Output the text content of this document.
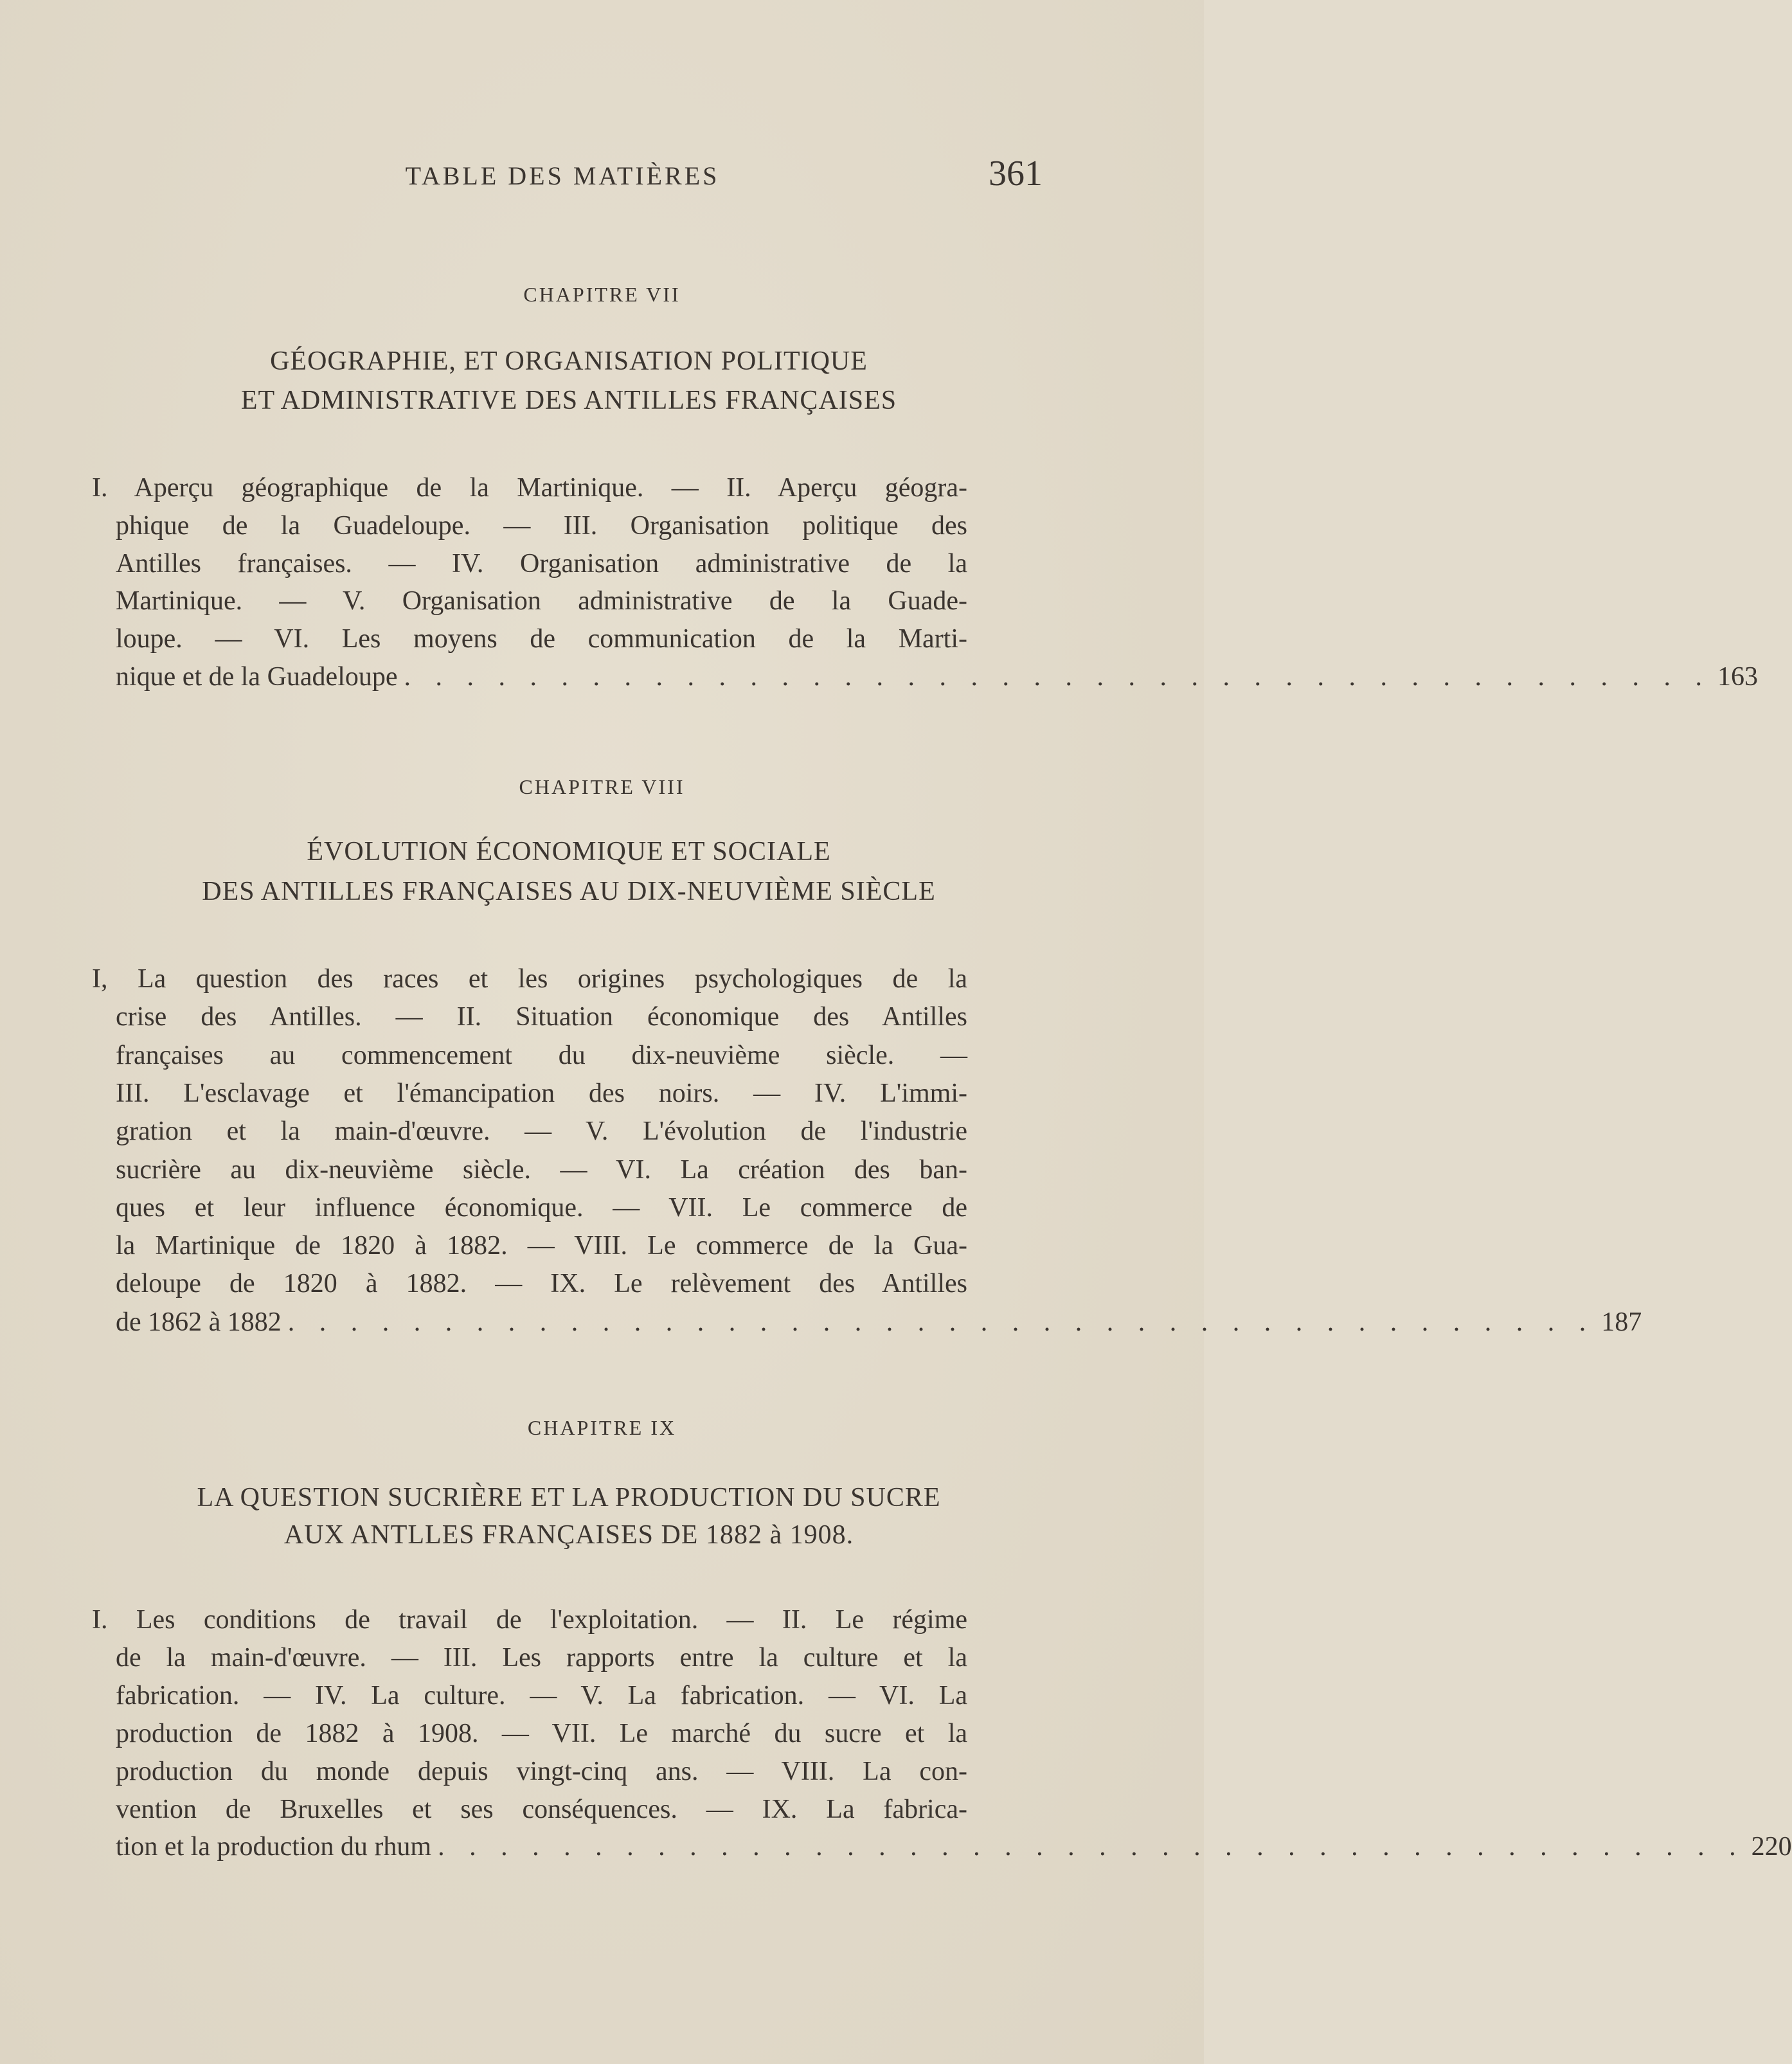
TABLE DES MATIÈRES	361
CHAPITRE VII
GÉOGRAPHIE, ET ORGANISATION POLITIQUE
ET ADMINISTRATIVE DES ANTILLES FRANÇAISES
I. Aperçu géographique de la Martinique. — II. Aperçu géogra-
phique de la Guadeloupe. — III. Organisation politique des
Antilles françaises. — IV. Organisation administrative de la
Martinique. — V. Organisation administrative de la Guade-
loupe. — VI. Les moyens de communication de la Marti-
nique et de la Guadeloupe . . . . . . . . . . . . . . . . . . . . . . . . . . . . . . . . . . . . . . . . . . 163
CHAPITRE VIII
ÉVOLUTION ÉCONOMIQUE ET SOCIALE
DES ANTILLES FRANÇAISES AU DIX-NEUVIÈME SIÈCLE
I, La question des races et les origines psychologiques de la
crise des Antilles. — II. Situation économique des Antilles
françaises au commencement du dix-neuvième siècle. —
III. L'esclavage et l'émancipation des noirs. — IV. L'immi-
gration et la main-d'œuvre. — V. L'évolution de l'industrie
sucrière au dix-neuvième siècle. — VI. La création des ban-
ques et leur influence économique. — VII. Le commerce de
la Martinique de 1820 à 1882. — VIII. Le commerce de la Gua-
deloupe de 1820 à 1882. — IX. Le relèvement des Antilles
de 1862 à 1882 . . . . . . . . . . . . . . . . . . . . . . . . . . . . . . . . . . . . . . . . . . 187
CHAPITRE IX
LA QUESTION SUCRIÈRE ET LA PRODUCTION DU SUCRE
AUX ANTLLES FRANÇAISES DE 1882 à 1908.
I. Les conditions de travail de l'exploitation. — II. Le régime
de la main-d'œuvre. — III. Les rapports entre la culture et la
fabrication. — IV. La culture. — V. La fabrication. — VI. La
production de 1882 à 1908. — VII. Le marché du sucre et la
production du monde depuis vingt-cinq ans. — VIII. La con-
vention de Bruxelles et ses conséquences. — IX. La fabrica-
tion et la production du rhum . . . . . . . . . . . . . . . . . . . . . . . . . . . . . . . . . . . . . . . . . . 220
